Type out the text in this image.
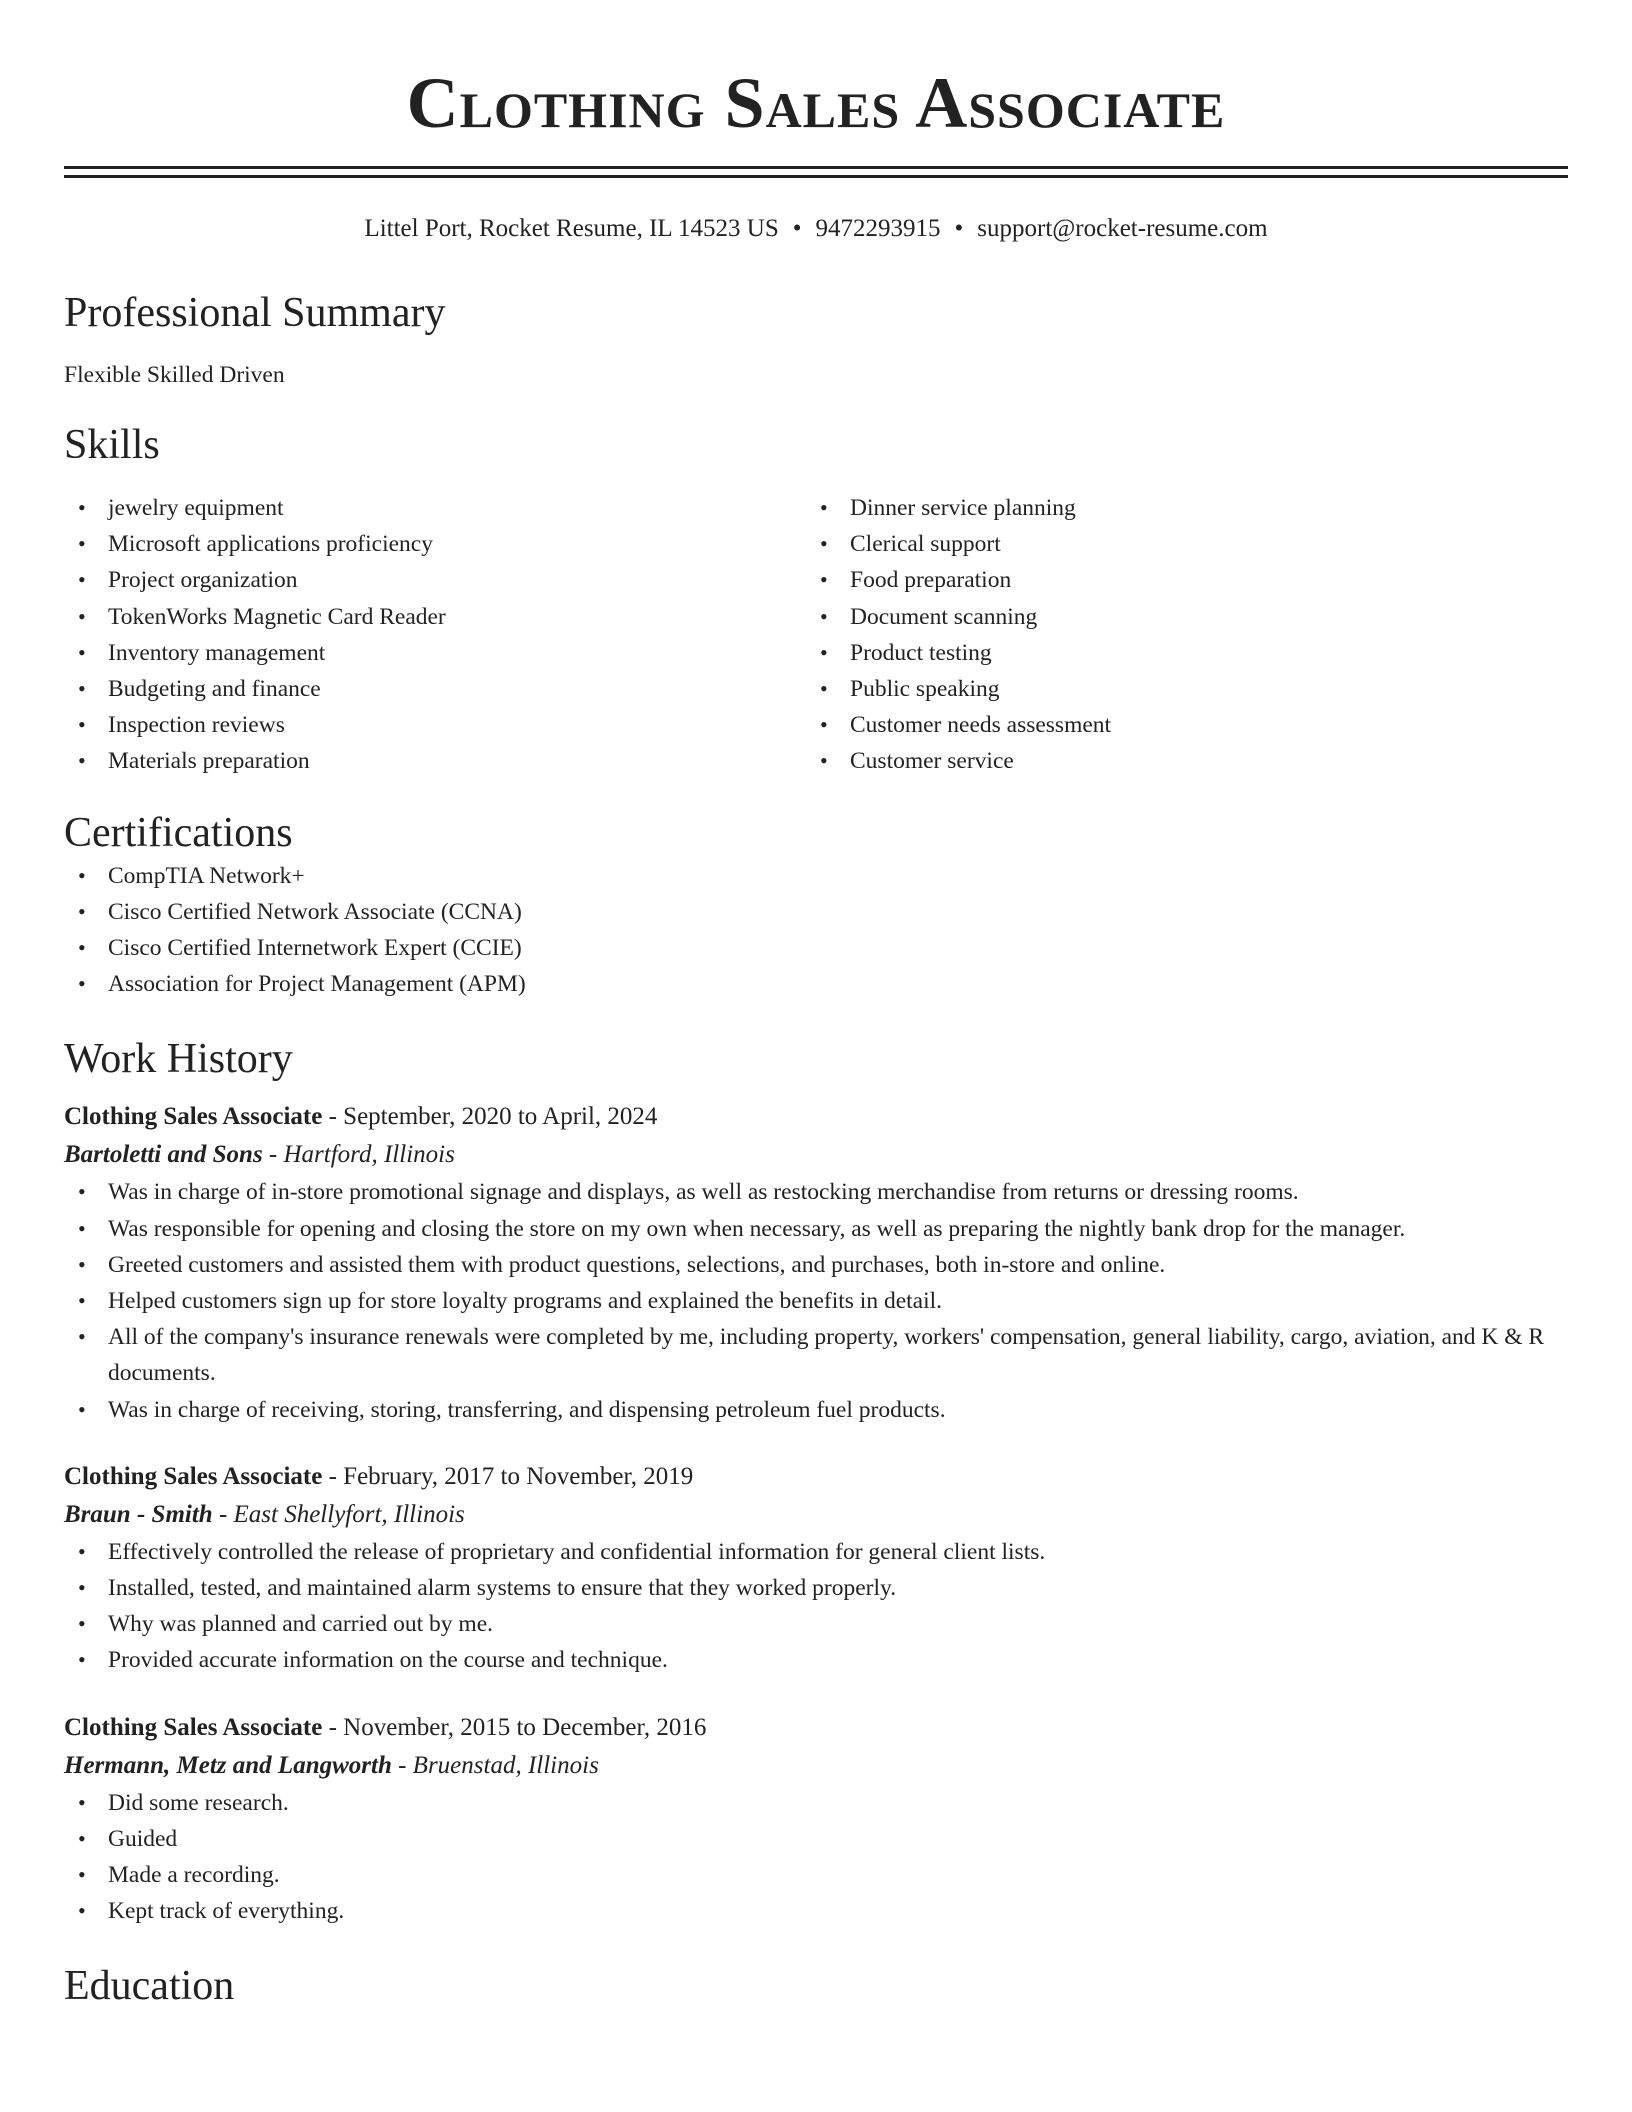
Clothing Sales Associate
Littel Port, Rocket Resume, IL 14523 US • 9472293915 • support@rocket-resume.com
Professional Summary
Flexible Skilled Driven
Skills
• jewelry equipment
• Microsoft applications proficiency
• Project organization
• TokenWorks Magnetic Card Reader
• Inventory management
• Budgeting and finance
• Inspection reviews
• Materials preparation
• Dinner service planning
• Clerical support
• Food preparation
• Document scanning
• Product testing
• Public speaking
• Customer needs assessment
• Customer service
Certifications
• CompTIA Network+
• Cisco Certified Network Associate (CCNA)
• Cisco Certified Internetwork Expert (CCIE)
• Association for Project Management (APM)
Work History
Clothing Sales Associate - September, 2020 to April, 2024
Bartoletti and Sons - Hartford, Illinois
• Was in charge of in-store promotional signage and displays, as well as restocking merchandise from returns or dressing rooms.
• Was responsible for opening and closing the store on my own when necessary, as well as preparing the nightly bank drop for the manager.
• Greeted customers and assisted them with product questions, selections, and purchases, both in-store and online.
• Helped customers sign up for store loyalty programs and explained the benefits in detail.
• All of the company's insurance renewals were completed by me, including property, workers' compensation, general liability, cargo, aviation, and K & R documents.
• Was in charge of receiving, storing, transferring, and dispensing petroleum fuel products.
Clothing Sales Associate - February, 2017 to November, 2019
Braun - Smith - East Shellyfort, Illinois
• Effectively controlled the release of proprietary and confidential information for general client lists.
• Installed, tested, and maintained alarm systems to ensure that they worked properly.
• Why was planned and carried out by me.
• Provided accurate information on the course and technique.
Clothing Sales Associate - November, 2015 to December, 2016
Hermann, Metz and Langworth - Bruenstad, Illinois
• Did some research.
• Guided
• Made a recording.
• Kept track of everything.
Education
